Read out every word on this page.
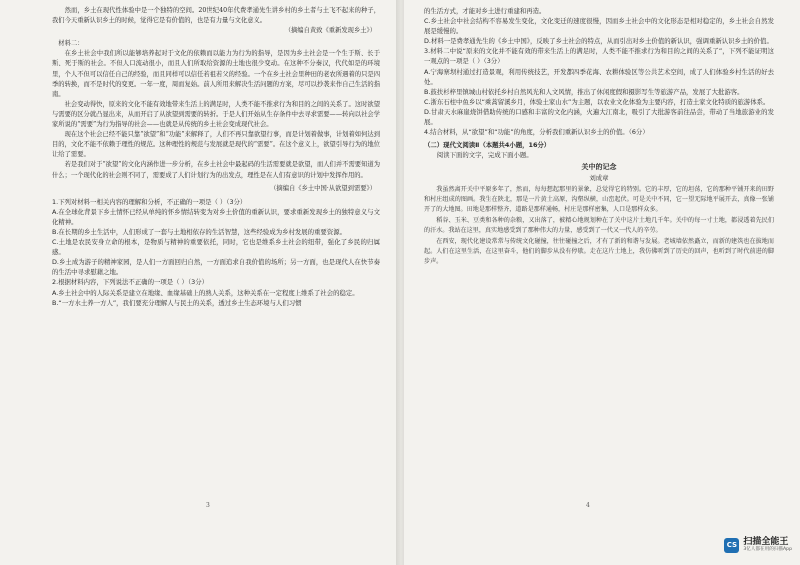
然而，乡土在现代性体验中是一个独特的空间。20世纪40年代费孝通先生讲乡村的乡土者与土飞不起来的种子，我们今天重新认识乡土的时候，觉得它是有价值的，也是有力量与文化意义。

（摘编自黄致《重新发现乡土》）

材料二：

在乡土社会中我们所以能够培养起对于文化的依赖而以能力为行为的指导，是因为乡土社会是一个生于斯、长于斯、死于斯的社会。不但人口流动很小，而且人们所取给资源的土地也很少变动。在这种不分秦汉，代代如是的环境里，个人不但可以信任自己的经验，而且同样可以信任若祖若父的经验。一个在乡土社会里种田的老农所遇着的只是四季的转换，而不是时代的变更。一年一度，周而复始。前人所用来解决生活问题的方案，尽可以抄袭来作自己生活的指南。

社会变动得快，原来的文化不能有效地带来生活上的满足时，人类不能不推求行为和目的之间的关系了。这时欲望与需要的区分就凸显出来，从而开启了从欲望到需要的转折。于是人们开始从生存条件中去寻求需要——转向以社会学家所说的“需要”为行为指导的社会——也就是从传统的乡土社会变成现代社会。

现在这个社会已经不能只靠“欲望”和“功能”来解释了，人们不再只靠欲望行事，而是计划着做事，计划着如何达到目的，文化不能不依赖于理性的规范。这种理性的规范与发展就是现代的“需要”。在这个意义上，欲望引导行为的地位让给了需要。

若是我们对于“欲望”的文化内涵作进一步分析，在乡土社会中最起码的生活需要就是欲望，而人们并不需要知道为什么；一个现代化的社会则不同了，需要成了人们计划行为的出发点，理性是在人们有意识的计划中发挥作用的。

（摘编自《乡土中国·从欲望到需要》）

1.下列对材料一相关内容的理解和分析，不正确的一项是（ ）（3分）

A.在全球化背景下乡土情怀已经从单纯的怀乡情结转变为对乡土价值的重新认识，要求重新发现乡土的独特意义与文化精神。

B.在长期的乡土生活中，人们形成了一套与土地相依存的生活智慧，这些经验成为乡村发展的重要资源。

C.土地是农民安身立命的根本，是物质与精神的重要依托，同时，它也是维系乡土社会的纽带，强化了乡民的归属感。

D.乡土成为游子的精神家园，是人们一方面回归自然，一方面追求自我价值的场所；另一方面，也是现代人在快节奏的生活中寻求慰藉之地。

2.根据材料内容，下列说法不正确的一项是（ ）（3分）

A.乡土社会中的人际关系是建立在地缘、血缘基础上的熟人关系，这种关系在一定程度上维系了社会的稳定。

B.“一方水土养一方人”，我们要充分理解人与民土的关系，透过乡土生态环境与人们习惯

的生活方式，才能对乡土进行重建和再造。

C.乡土社会中社会结构不容易发生变化，文化变迁的速度很慢，因而乡土社会中的文化形态是相对稳定的，乡土社会自然发展是缓慢的。

D.材料一是费孝通先生的《乡土中国》，反映了乡土社会的特点，从而引出对乡土价值的新认识，强调重新认识乡土的价值。

3.材料二中说“原来的文化并不能有效的带来生活上的满足时，人类不能不推求行为和目的之间的关系了”，下列不能证明这一观点的一项是（ ）（3分）

A.宁海寨坝村通过打造景观，利用传统技艺，开发都四季花海、农耕体验区等公共艺术空间，成了人们体验乡村生活的好去处。

B.鼓扶杉梓里镇城山村依托乡村自然风光和人文风情，推出了休闲度假和摄影写生等旅游产品，发展了大批游客。

C.浙东石柱中鱼乡以“乘蒿留溪乡月，体验土家山水”为主题，以农业文化体验为主要内容，打造土家文化特质的旅游体系。

D.甘肃天水麻崖烧饼借助传统的口感和丰富的文化内涵，火遍大江南北，吸引了大批游客前往品尝，带动了当地旅游业的发展。

4.结合材料，从“欲望”和“功能”的角度，分析我们重新认识乡土的价值。（6分）

（二）现代文阅读Ⅱ（本题共4小题，16分）

阅读下面的文字，完成下面小题。

关中的记念

刘成章

我虽然离开关中平原多年了，然而，每每想起那里的景象，总觉得它的特别。它的丰厚，它的坦荡，它的那种平铺开来的田野和村庄组成的图画。我生在陕北，那是一片黄土高原，沟壑纵横，山峦起伏。可是关中不同，它一望无际地平展开去，真像一张铺开了的大地图。田地是那样整齐，道路是那样通畅，村庄是那样密集，人口是那样众多。

稻谷、玉米、豆类和各种的杂粮，又出落了，被精心地规划种在了关中这片土地几千年。关中的每一寸土地，都浸透着先民们的汗水。我站在这里，真实地感受到了那种伟大的力量，感受到了一代又一代人的辛劳。

在西安，现代化建设常常与传统文化碰撞，往往碰撞之后，才有了新的和谐与发展。老城墙依然矗立，而新的建筑也在拔地而起。人们在这里生活，在这里奋斗，他们的脚步从没有停歇。走在这片土地上，我仿佛听到了历史的回声，也听到了时代前进的脚步声。

3	4
CS 扫描全能王
3亿人都在用的扫描App
